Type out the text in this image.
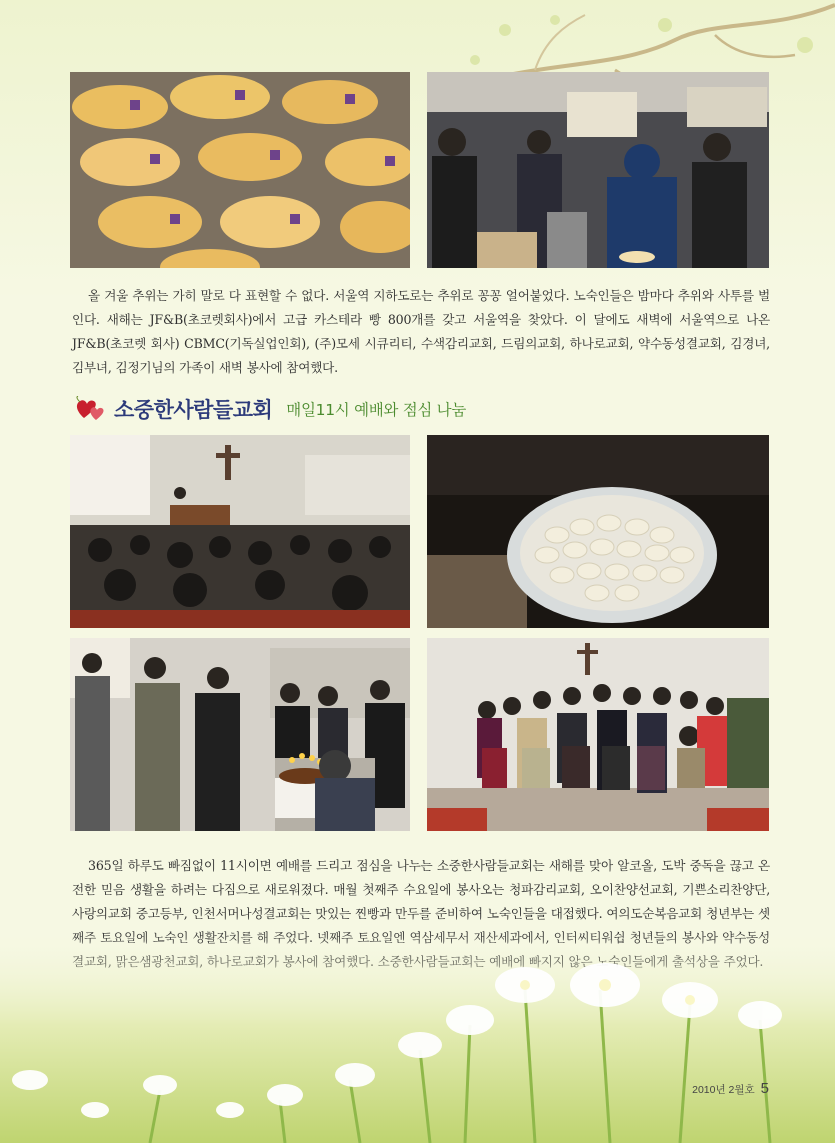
올 겨울 추위는 가히 말로 다 표현할 수 없다. 서울역 지하도로는 추위로 꽁꽁 얼어붙었다. 노숙인들은 밤마다 추위와 사투를 벌인다. 새해는 JF&B(초코렛회사)에서 고급 카스테라 빵 800개를 갖고 서울역을 찾았다. 이 달에도 새벽에 서울역으로 나온 JF&B(초코렛 회사) CBMC(기독실업인회), (주)모세 시큐리티, 수색감리교회, 드림의교회, 하나로교회, 약수동성결교회, 김경녀, 김부녀, 김정기님의 가족이 새벽 봉사에 참여했다.

소중한사람들교회 매일11시 예배와 점심 나눔

365일 하루도 빠짐없이 11시이면 예배를 드리고 점심을 나누는 소중한사람들교회는 새해를 맞아 알코올, 도박 중독을 끊고 온전한 믿음 생활을 하려는 다짐으로 새로워졌다. 매월 첫째주 수요일에 봉사오는 청파감리교회, 오이찬양선교회, 기쁜소리찬양단, 사랑의교회 중고등부, 인천서머나성결교회는 맛있는 찐빵과 만두를 준비하여 노숙인들을 대접했다. 여의도순복음교회 청년부는 셋

2010년 2월호 5
